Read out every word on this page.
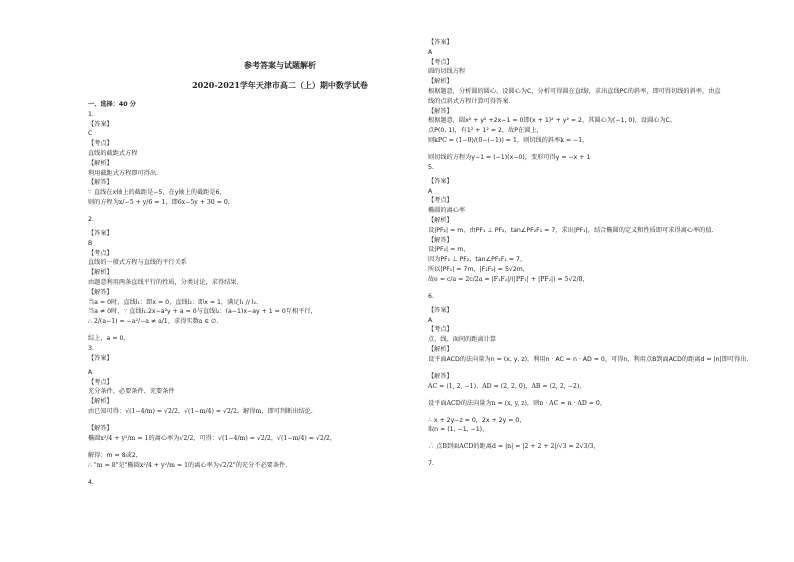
参考答案与试题解析
2020-2021学年天津市高二（上）期中数学试卷
一、选择：40 分
1.
【答案】
C
【考点】
直线的截距式方程
【解析】
利用截距式方程即可得出.
【解答】
∵ 直线在x轴上的截距是−5，在y轴上的截距是6，
则的方程为x/−5 + y/6 = 1，即6x−5y + 30 = 0，
2.
【答案】
B
【考点】
直线的一般式方程与直线的平行关系
【解析】
由题意利用两条直线平行的性质，分类讨论，求得结果.
【解答】
当a = 0时，直线l₁：即x = 0，直线l₂：即x = 1，满足l₁ // l₂.
当a ≠ 0时，∵ 直线l₁:2x−a²y + a = 0与直线l₂：(a−1)x−ay + 1 = 0互相平行，
∴ 2/(a−1) = −a²/−a ≠ a/1，求得实数a ∈ ∅.
综上，a = 0，
3.
【答案】
A
【考点】
充分条件、必要条件、充要条件
【解析】
由已知可得：√(1−4/m) = √2/2，√(1−m/4) = √2/2，解得m，即可判断出结论.
【解答】
椭圆x²/4 + y²/m = 1的离心率为√2/2，可得：√(1−4/m) = √2/2，√(1−m/4) = √2/2，
解得：m = 8或2，
∴ "m = 8"是"椭圆x²/4 + y²/m = 1的离心率为√2/2"的充分不必要条件.
4.
【答案】
A
【考点】
圆的切线方程
【解析】
根据题意，分析圆的圆心，设圆心为C，分析可得圆在直线l，求出直线PC的斜率，即可得切线的斜率，由直
线的点斜式方程计算可得答案.
【解答】
根据题意，圆x² + y² +2x−1 = 0即(x + 1)² + y² = 2，其圆心为(−1, 0)，设圆心为C，
点P(0, 1)，有1² + 1² = 2，故P在圆上，
则kPC = (1−0)/(0−(−1)) = 1，则切线的斜率k = −1，
则切线的方程为y−1 = (−1)(x−0)，变形可得y = −x + 1
5.
【答案】
A
【考点】
椭圆的离心率
【解析】
设|PF₂| = m，由PF₁ ⊥ PF₂，tan∠PF₂F₁ = 7，求出|PF₁|，结合椭圆的定义和性质即可求得离心率的值.
【解答】
设|PF₂| = m，
因为PF₁ ⊥ PF₂，tan∠PF₂F₁ = 7，
所以|PF₁| = 7m，|F₁F₂| = 5√2m，
故e = c/a = 2c/2a = |F₁F₂|/(|PF₁| + |PF₂|) = 5√2/8，
6.
【答案】
A
【考点】
点、线、面间的距离计算
【解析】
设平面ACD的法向量为n = (x, y, z)，利用n · AC = n · AD = 0，可得n，利用点B到面ACD的距离d = |n|即可得出.
【解答】
AC = (1, 2, −1)，AD = (2, 2, 0)，AB = (2, 2, −2)，
设平面ACD的法向量为n = (x, y, z)，则n · AC = n · AD = 0，
∴ x + 2y−z = 0，2x + 2y = 0，
取n = (1, −1, −1)，
∴ 点B到面ACD的距离d = |n| = |2 + 2 + 2|/√3 = 2√3/3，
7.
